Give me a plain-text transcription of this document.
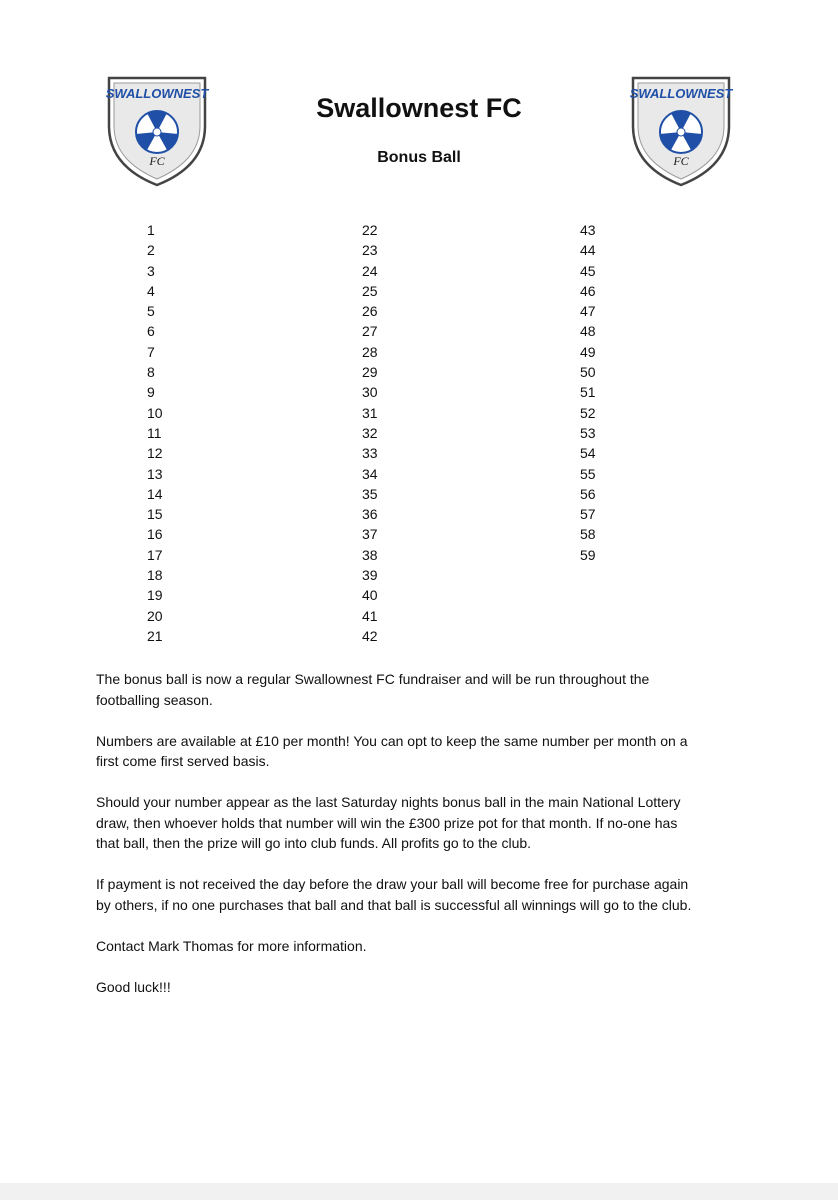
SWALLOWNEST
FC
SWALLOWNEST
FC
Swallownest FC
Bonus Ball
1
2
3
4
5
6
7
8
9
10
11
12
13
14
15
16
17
18
19
20
21
22
23
24
25
26
27
28
29
30
31
32
33
34
35
36
37
38
39
40
41
42
43
44
45
46
47
48
49
50
51
52
53
54
55
56
57
58
59

The bonus ball is now a regular Swallownest FC fundraiser and will be run throughout the footballing season.

Numbers are available at £10 per month! You can opt to keep the same number per month on a first come first served basis.

Should your number appear as the last Saturday nights bonus ball in the main National Lottery draw, then whoever holds that number will win the £300 prize pot for that month. If no-one has that ball, then the prize will go into club funds. All profits go to the club.

If payment is not received the day before the draw your ball will become free for purchase again by others, if no one purchases that ball and that ball is successful all winnings will go to the club.

Contact Mark Thomas for more information.

Good luck!!!
